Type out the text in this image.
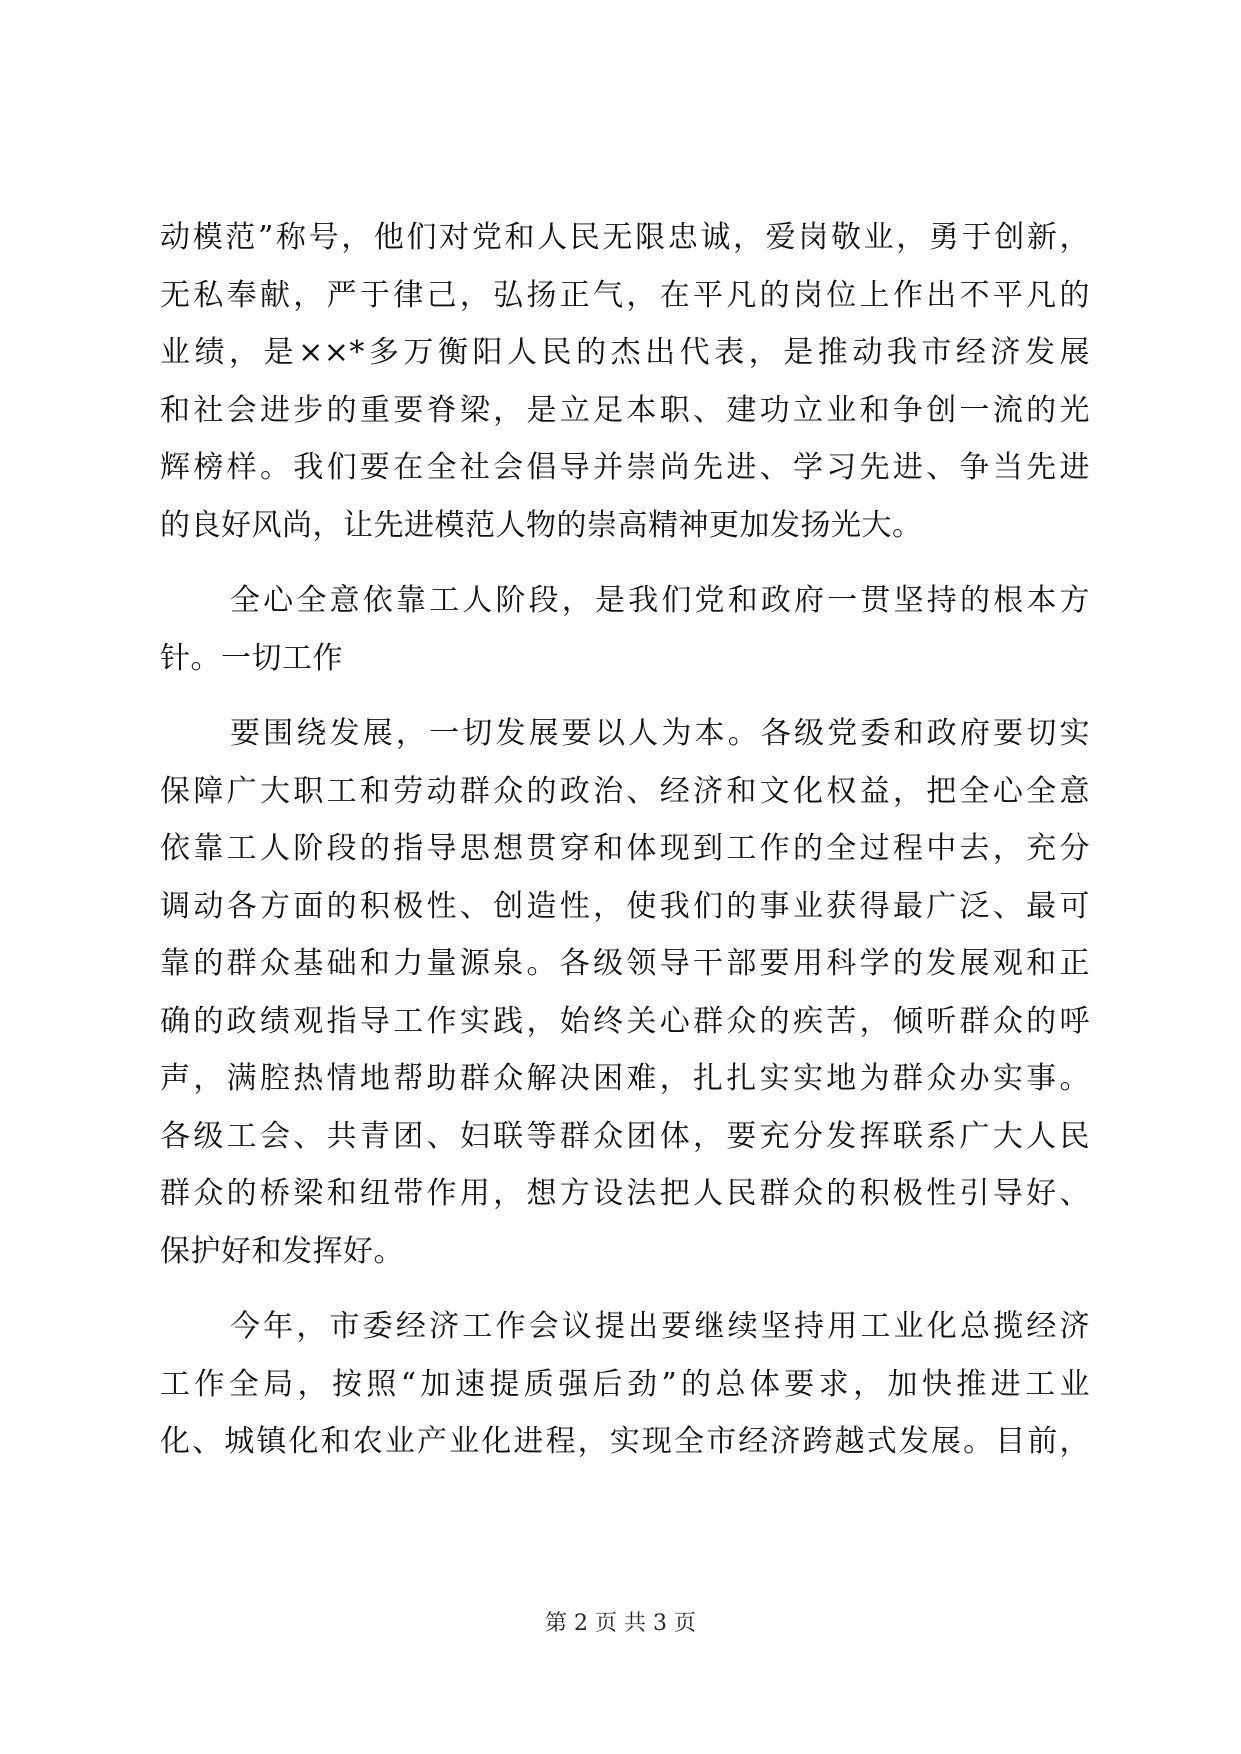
动模范”称号，他们对党和人民无限忠诚，爱岗敬业，勇于创新，
无私奉献，严于律己，弘扬正气，在平凡的岗位上作出不平凡的
业绩，是××*多万衡阳人民的杰出代表，是推动我市经济发展
和社会进步的重要脊梁，是立足本职、建功立业和争创一流的光
辉榜样。我们要在全社会倡导并崇尚先进、学习先进、争当先进
的良好风尚，让先进模范人物的崇高精神更加发扬光大。
全心全意依靠工人阶段，是我们党和政府一贯坚持的根本方
针。一切工作
要围绕发展，一切发展要以人为本。各级党委和政府要切实
保障广大职工和劳动群众的政治、经济和文化权益，把全心全意
依靠工人阶段的指导思想贯穿和体现到工作的全过程中去，充分
调动各方面的积极性、创造性，使我们的事业获得最广泛、最可
靠的群众基础和力量源泉。各级领导干部要用科学的发展观和正
确的政绩观指导工作实践，始终关心群众的疾苦，倾听群众的呼
声，满腔热情地帮助群众解决困难，扎扎实实地为群众办实事。
各级工会、共青团、妇联等群众团体，要充分发挥联系广大人民
群众的桥梁和纽带作用，想方设法把人民群众的积极性引导好、
保护好和发挥好。
今年，市委经济工作会议提出要继续坚持用工业化总揽经济
工作全局，按照“加速提质强后劲”的总体要求，加快推进工业
化、城镇化和农业产业化进程，实现全市经济跨越式发展。目前，
第 2 页 共 3 页
